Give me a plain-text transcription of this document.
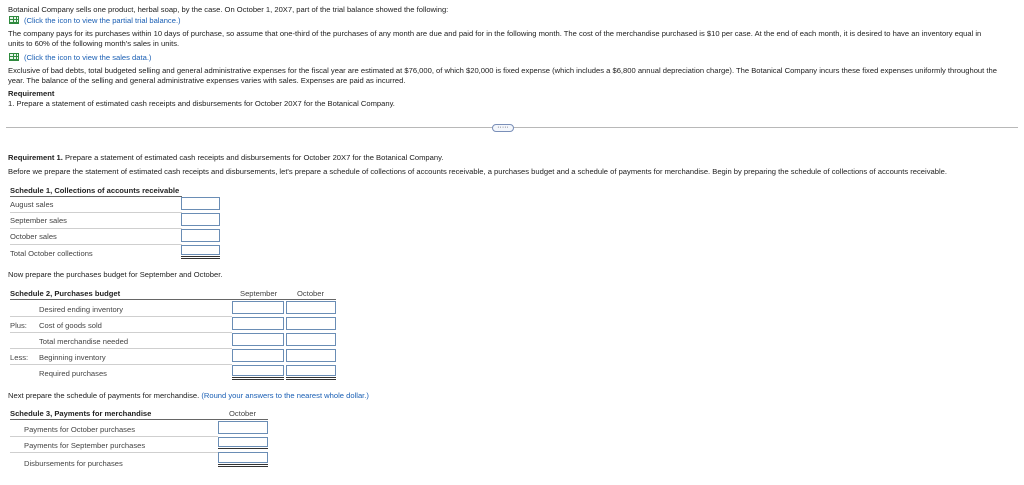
Botanical Company sells one product, herbal soap, by the case. On October 1, 20X7, part of the trial balance showed the following:
(Click the icon to view the partial trial balance.)
The company pays for its purchases within 10 days of purchase, so assume that one-third of the purchases of any month are due and paid for in the following month. The cost of the merchandise purchased is $10 per case. At the end of each month, it is desired to have an inventory equal in
units to 60% of the following month's sales in units.
(Click the icon to view the sales data.)
Exclusive of bad debts, total budgeted selling and general administrative expenses for the fiscal year are estimated at $76,000, of which $20,000 is fixed expense (which includes a $6,800 annual depreciation charge). The Botanical Company incurs these fixed expenses uniformly throughout the
year. The balance of the selling and general administrative expenses varies with sales. Expenses are paid as incurred.
Requirement
1. Prepare a statement of estimated cash receipts and disbursements for October 20X7 for the Botanical Company.
·····
Requirement 1. Prepare a statement of estimated cash receipts and disbursements for October 20X7 for the Botanical Company.
Before we prepare the statement of estimated cash receipts and disbursements, let's prepare a schedule of collections of accounts receivable, a purchases budget and a schedule of payments for merchandise. Begin by preparing the schedule of collections of accounts receivable.
Schedule 1, Collections of accounts receivable
August sales
September sales
October sales
Total October collections
Now prepare the purchases budget for September and October.
Schedule 2, Purchases budget	September	October
Desired ending inventory
Plus: Cost of goods sold
Total merchandise needed
Less: Beginning inventory
Required purchases
Next prepare the schedule of payments for merchandise. (Round your answers to the nearest whole dollar.)
Schedule 3, Payments for merchandise	October
Payments for October purchases
Payments for September purchases
Disbursements for purchases
